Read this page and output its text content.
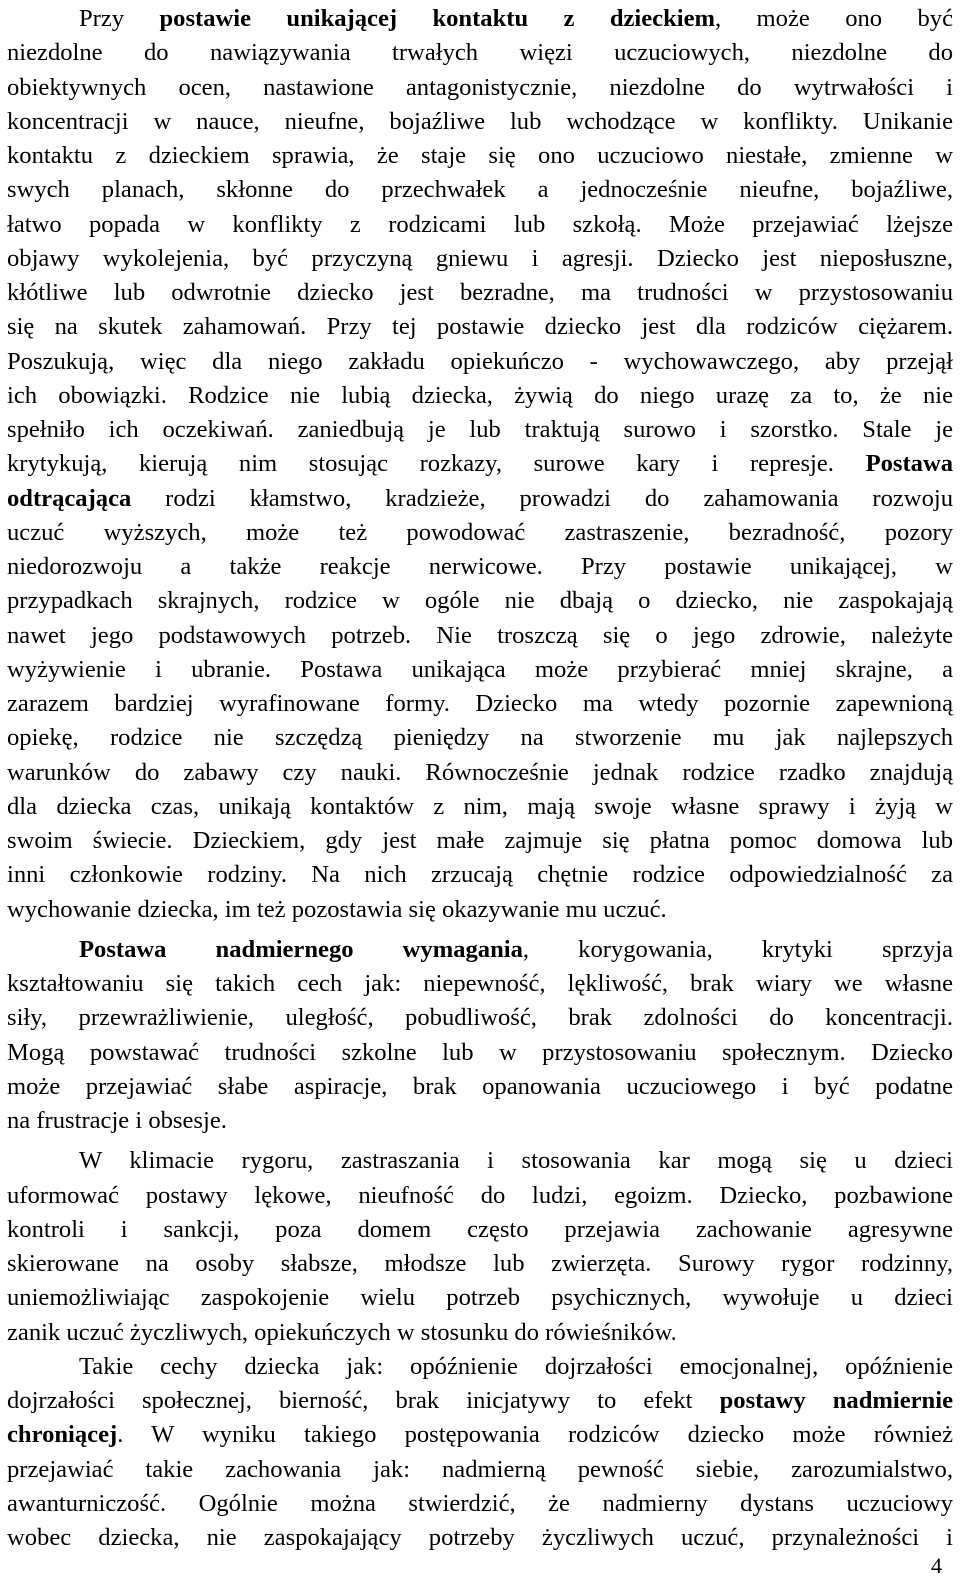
Przy postawie unikającej kontaktu z dzieckiem, może ono być
niezdolne do nawiązywania trwałych więzi uczuciowych, niezdolne do
obiektywnych ocen, nastawione antagonistycznie, niezdolne do wytrwałości i
koncentracji w nauce, nieufne, bojaźliwe lub wchodzące w konflikty. Unikanie
kontaktu z dzieckiem sprawia, że staje się ono uczuciowo niestałe, zmienne w
swych planach, skłonne do przechwałek a jednocześnie nieufne, bojaźliwe,
łatwo popada w konflikty z rodzicami lub szkołą. Może przejawiać lżejsze
objawy wykolejenia, być przyczyną gniewu i agresji. Dziecko jest nieposłuszne,
kłótliwe lub odwrotnie dziecko jest bezradne, ma trudności w przystosowaniu
się na skutek zahamowań. Przy tej postawie dziecko jest dla rodziców ciężarem.
Poszukują, więc dla niego zakładu opiekuńczo - wychowawczego, aby przejął
ich obowiązki. Rodzice nie lubią dziecka, żywią do niego urazę za to, że nie
spełniło ich oczekiwań. zaniedbują je lub traktują surowo i szorstko. Stale je
krytykują, kierują nim stosując rozkazy, surowe kary i represje. Postawa
odtrącająca rodzi kłamstwo, kradzieże, prowadzi do zahamowania rozwoju
uczuć wyższych, może też powodować zastraszenie, bezradność, pozory
niedorozwoju a także reakcje nerwicowe. Przy postawie unikającej, w
przypadkach skrajnych, rodzice w ogóle nie dbają o dziecko, nie zaspokajają
nawet jego podstawowych potrzeb. Nie troszczą się o jego zdrowie, należyte
wyżywienie i ubranie. Postawa unikająca może przybierać mniej skrajne, a
zarazem bardziej wyrafinowane formy. Dziecko ma wtedy pozornie zapewnioną
opiekę, rodzice nie szczędzą pieniędzy na stworzenie mu jak najlepszych
warunków do zabawy czy nauki. Równocześnie jednak rodzice rzadko znajdują
dla dziecka czas, unikają kontaktów z nim, mają swoje własne sprawy i żyją w
swoim świecie. Dzieckiem, gdy jest małe zajmuje się płatna pomoc domowa lub
inni członkowie rodziny. Na nich zrzucają chętnie rodzice odpowiedzialność za
wychowanie dziecka, im też pozostawia się okazywanie mu uczuć.
Postawa nadmiernego wymagania, korygowania, krytyki sprzyja
kształtowaniu się takich cech jak: niepewność, lękliwość, brak wiary we własne
siły, przewrażliwienie, uległość, pobudliwość, brak zdolności do koncentracji.
Mogą powstawać trudności szkolne lub w przystosowaniu społecznym. Dziecko
może przejawiać słabe aspiracje, brak opanowania uczuciowego i być podatne
na frustracje i obsesje.
W klimacie rygoru, zastraszania i stosowania kar mogą się u dzieci
uformować postawy lękowe, nieufność do ludzi, egoizm. Dziecko, pozbawione
kontroli i sankcji, poza domem często przejawia zachowanie agresywne
skierowane na osoby słabsze, młodsze lub zwierzęta. Surowy rygor rodzinny,
uniemożliwiając zaspokojenie wielu potrzeb psychicznych, wywołuje u dzieci
zanik uczuć życzliwych, opiekuńczych w stosunku do rówieśników.
Takie cechy dziecka jak: opóźnienie dojrzałości emocjonalnej, opóźnienie
dojrzałości społecznej, bierność, brak inicjatywy to efekt postawy nadmiernie
chroniącej. W wyniku takiego postępowania rodziców dziecko może również
przejawiać takie zachowania jak: nadmierną pewność siebie, zarozumialstwo,
awanturniczość. Ogólnie można stwierdzić, że nadmierny dystans uczuciowy
wobec dziecka, nie zaspokajający potrzeby życzliwych uczuć, przynależności i
4
